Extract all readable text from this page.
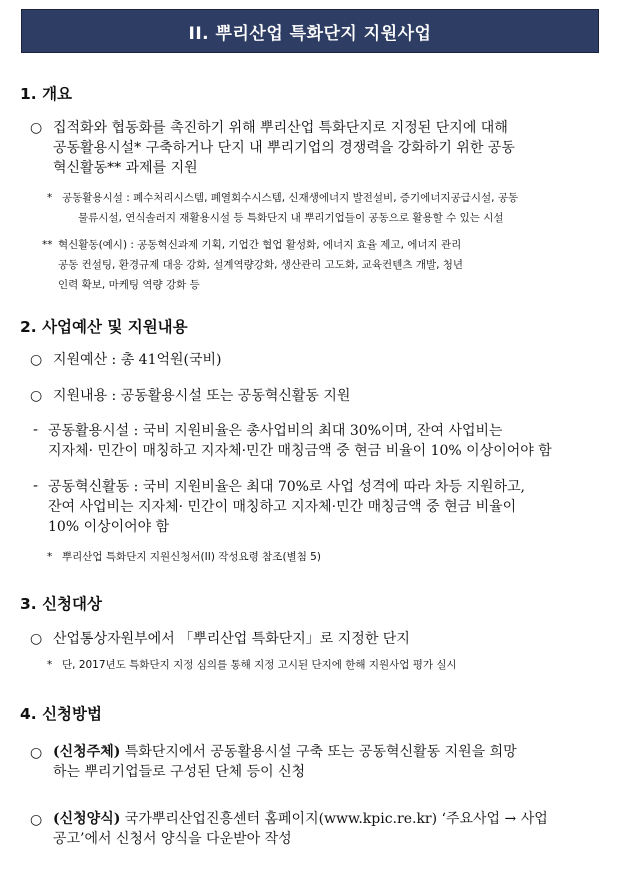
II. 뿌리산업 특화단지 지원사업
1. 개요
○ 집적화와 협동화를 촉진하기 위해 뿌리산업 특화단지로 지정된 단지에 대해
공동활용시설* 구축하거나 단지 내 뿌리기업의 경쟁력을 강화하기 위한 공동
혁신활동** 과제를 지원
* 공동활용시설 : 폐수처리시스템, 폐열회수시스템, 신재생에너지 발전설비, 증기에너지공급시설, 공동
물류시설, 연식솔러지 재활용시설 등 특화단지 내 뿌리기업들이 공동으로 활용할 수 있는 시설
** 혁신활동(예시) : 공동혁신과제 기획, 기업간 협업 활성화, 에너지 효율 제고, 에너지 관리
공동 컨설팅, 환경규제 대응 강화, 설계역량강화, 생산관리 고도화, 교육컨텐츠 개발, 청년
인력 확보, 마케팅 역량 강화 등
2. 사업예산 및 지원내용
○ 지원예산 : 총 41억원(국비)
○ 지원내용 : 공동활용시설 또는 공동혁신활동 지원
- 공동활용시설 : 국비 지원비율은 총사업비의 최대 30%이며, 잔여 사업비는
지자체· 민간이 매칭하고 지자체·민간 매칭금액 중 현금 비율이 10% 이상이어야 함
- 공동혁신활동 : 국비 지원비율은 최대 70%로 사업 성격에 따라 차등 지원하고,
잔여 사업비는 지자체· 민간이 매칭하고 지자체·민간 매칭금액 중 현금 비율이
10% 이상이어야 함
* 뿌리산업 특화단지 지원신청서(II) 작성요령 참조(별첨 5)
3. 신청대상
○ 산업통상자원부에서 「뿌리산업 특화단지」로 지정한 단지
* 단, 2017년도 특화단지 지정 심의를 통해 지정 고시된 단지에 한해 지원사업 평가 실시
4. 신청방법
○ (신청주체) 특화단지에서 공동활용시설 구축 또는 공동혁신활동 지원을 희망
하는 뿌리기업들로 구성된 단체 등이 신청
○ (신청양식) 국가뿌리산업진흥센터 홈페이지(www.kpic.re.kr) ‘주요사업 → 사업
공고’에서 신청서 양식을 다운받아 작성
